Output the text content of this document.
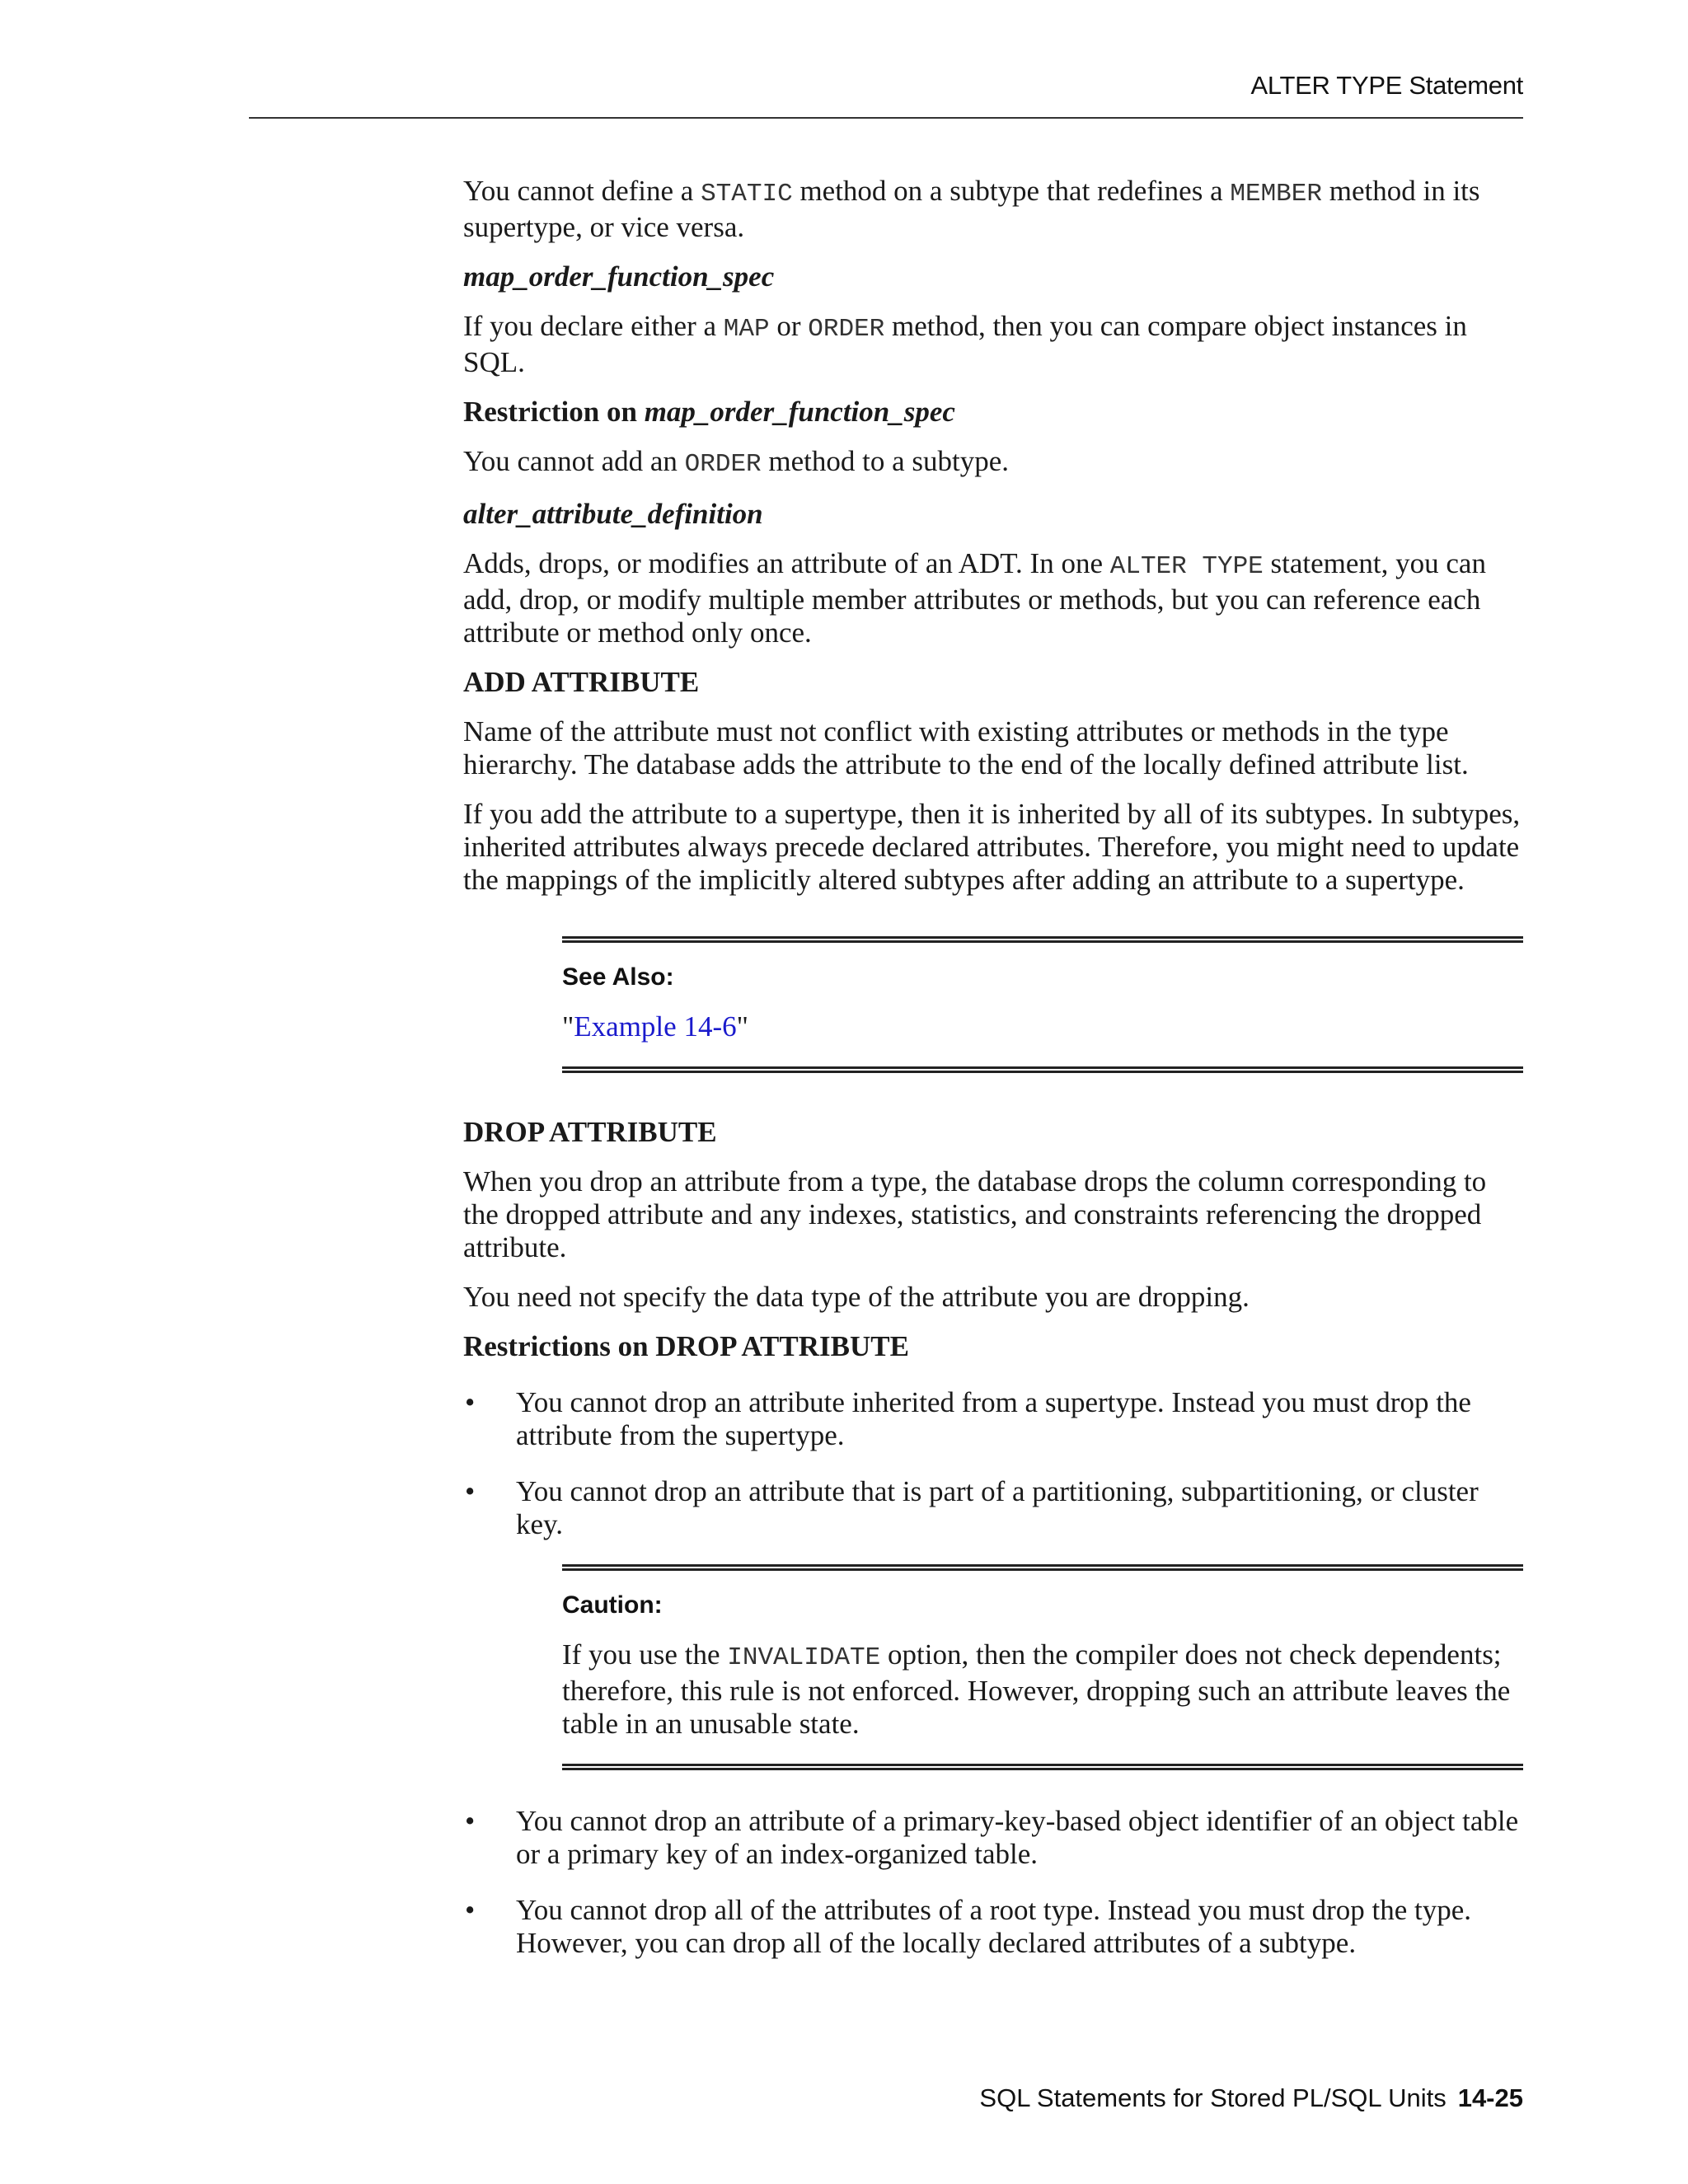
ALTER TYPE Statement

You cannot define a STATIC method on a subtype that redefines a MEMBER method in its supertype, or vice versa.

map_order_function_spec

If you declare either a MAP or ORDER method, then you can compare object instances in SQL.

Restriction on map_order_function_spec

You cannot add an ORDER method to a subtype.

alter_attribute_definition

Adds, drops, or modifies an attribute of an ADT. In one ALTER TYPE statement, you can add, drop, or modify multiple member attributes or methods, but you can reference each attribute or method only once.

ADD ATTRIBUTE

Name of the attribute must not conflict with existing attributes or methods in the type hierarchy. The database adds the attribute to the end of the locally defined attribute list.

If you add the attribute to a supertype, then it is inherited by all of its subtypes. In subtypes, inherited attributes always precede declared attributes. Therefore, you might need to update the mappings of the implicitly altered subtypes after adding an attribute to a supertype.

See Also:
"Example 14-6"

DROP ATTRIBUTE

When you drop an attribute from a type, the database drops the column corresponding to the dropped attribute and any indexes, statistics, and constraints referencing the dropped attribute.

You need not specify the data type of the attribute you are dropping.

Restrictions on DROP ATTRIBUTE

• You cannot drop an attribute inherited from a supertype. Instead you must drop the attribute from the supertype.
• You cannot drop an attribute that is part of a partitioning, subpartitioning, or cluster key.
Caution:
If you use the INVALIDATE option, then the compiler does not check dependents; therefore, this rule is not enforced. However, dropping such an attribute leaves the table in an unusable state.
• You cannot drop an attribute of a primary-key-based object identifier of an object table or a primary key of an index-organized table.
• You cannot drop all of the attributes of a root type. Instead you must drop the type. However, you can drop all of the locally declared attributes of a subtype.
SQL Statements for Stored PL/SQL Units 14-25
